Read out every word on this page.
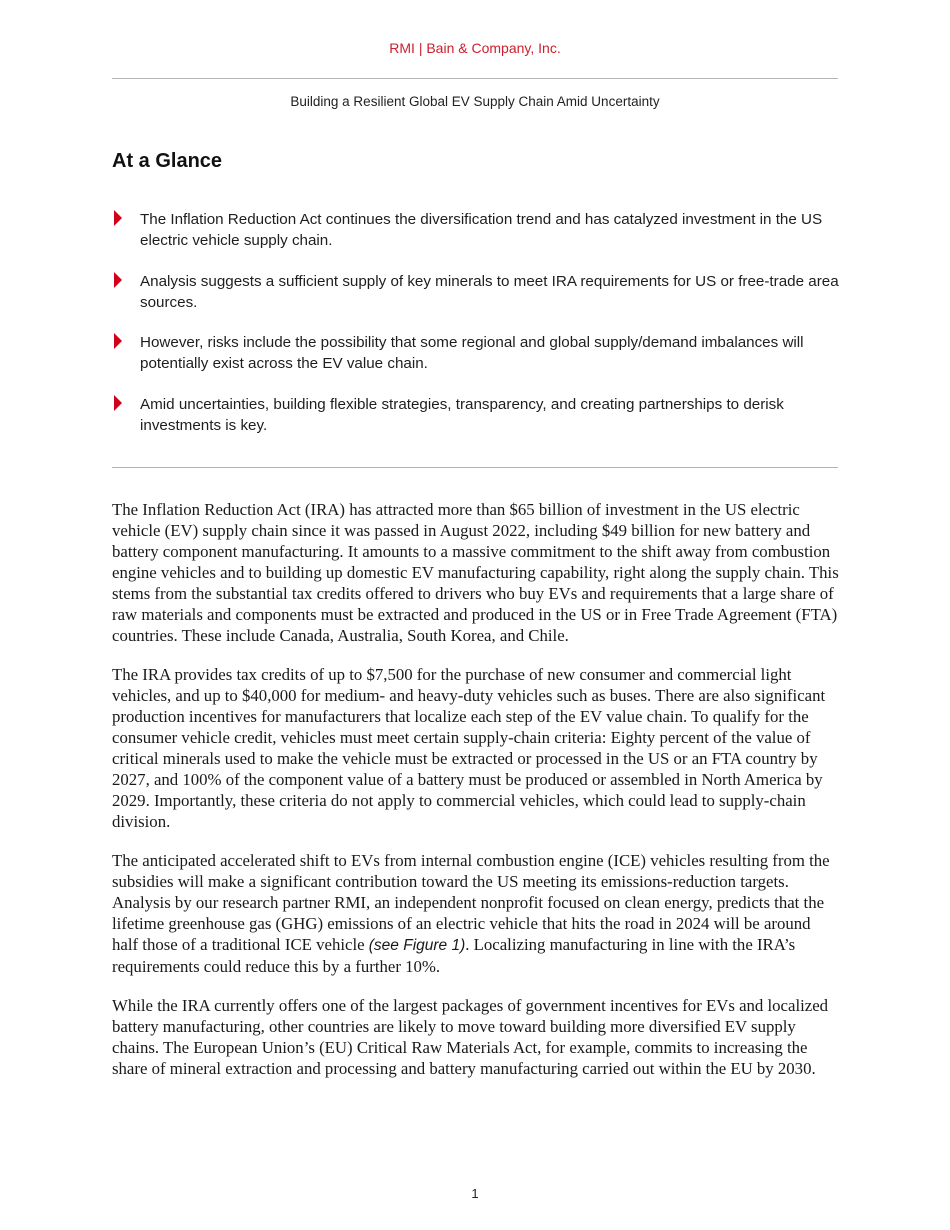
RMI | Bain & Company, Inc.
Building a Resilient Global EV Supply Chain Amid Uncertainty
At a Glance
The Inflation Reduction Act continues the diversification trend and has catalyzed investment in the US electric vehicle supply chain.
Analysis suggests a sufficient supply of key minerals to meet IRA requirements for US or free-trade area sources.
However, risks include the possibility that some regional and global supply/demand imbalances will potentially exist across the EV value chain.
Amid uncertainties, building flexible strategies, transparency, and creating partnerships to derisk investments is key.

The Inflation Reduction Act (IRA) has attracted more than $65 billion of investment in the US electric vehicle (EV) supply chain since it was passed in August 2022, including $49 billion for new battery and battery component manufacturing. It amounts to a massive commitment to the shift away from combustion engine vehicles and to building up domestic EV manufacturing capability, right along the supply chain. This stems from the substantial tax credits offered to drivers who buy EVs and requirements that a large share of raw materials and components must be extracted and produced in the US or in Free Trade Agreement (FTA) countries. These include Canada, Australia, South Korea, and Chile.

The IRA provides tax credits of up to $7,500 for the purchase of new consumer and commercial light vehicles, and up to $40,000 for medium- and heavy-duty vehicles such as buses. There are also significant production incentives for manufacturers that localize each step of the EV value chain. To qualify for the consumer vehicle credit, vehicles must meet certain supply-chain criteria: Eighty percent of the value of critical minerals used to make the vehicle must be extracted or processed in the US or an FTA country by 2027, and 100% of the component value of a battery must be produced or assembled in North America by 2029. Importantly, these criteria do not apply to commercial vehicles, which could lead to supply-chain division.

The anticipated accelerated shift to EVs from internal combustion engine (ICE) vehicles resulting from the subsidies will make a significant contribution toward the US meeting its emissions-reduction targets. Analysis by our research partner RMI, an independent nonprofit focused on clean energy, predicts that the lifetime greenhouse gas (GHG) emissions of an electric vehicle that hits the road in 2024 will be around half those of a traditional ICE vehicle (see Figure 1). Localizing manufacturing in line with the IRA’s requirements could reduce this by a further 10%.

While the IRA currently offers one of the largest packages of government incentives for EVs and localized battery manufacturing, other countries are likely to move toward building more diversified EV supply chains. The European Union’s (EU) Critical Raw Materials Act, for example, commits to increasing the share of mineral extraction and processing and battery manufacturing carried out within the EU by 2030.

1
